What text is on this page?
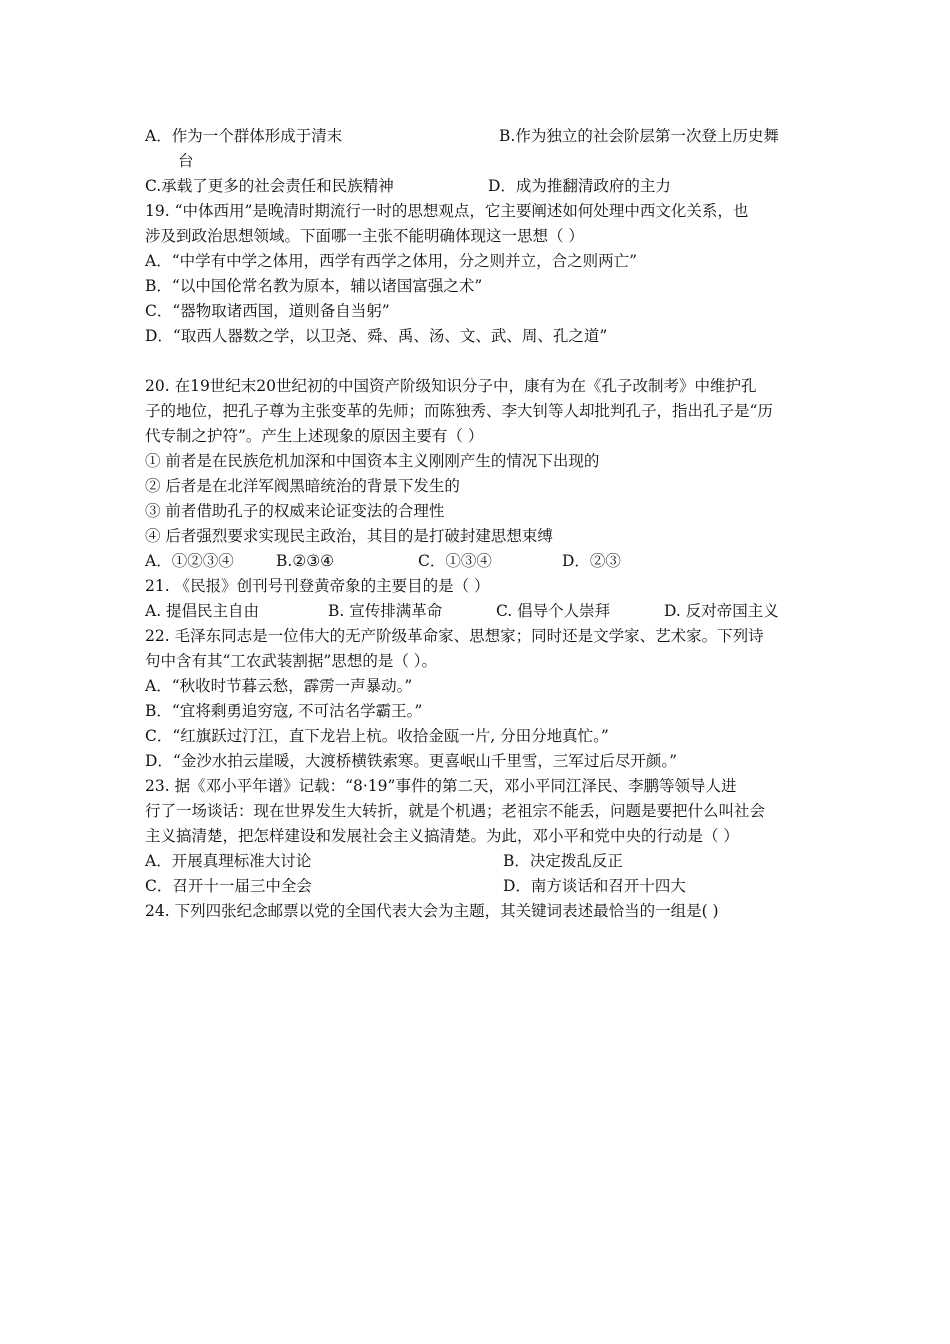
A．作为一个群体形成于清末	B.作为独立的社会阶层第一次登上历史舞
台
C.承载了更多的社会责任和民族精神	D．成为推翻清政府的主力
19. “中体西用”是晚清时期流行一时的思想观点，它主要阐述如何处理中西文化关系，也
涉及到政治思想领域。下面哪一主张不能明确体现这一思想（ ）
A．“中学有中学之体用，西学有西学之体用，分之则并立，合之则两亡”
B．“以中国伦常名教为原本，辅以诸国富强之术”
C．“器物取诸西国，道则备自当躬”
D．“取西人器数之学，以卫尧、舜、禹、汤、文、武、周、孔之道”
20. 在19世纪末20世纪初的中国资产阶级知识分子中，康有为在《孔子改制考》中维护孔
子的地位，把孔子尊为主张变革的先师；而陈独秀、李大钊等人却批判孔子，指出孔子是“历
代专制之护符”。产生上述现象的原因主要有（ ）
① 前者是在民族危机加深和中国资本主义刚刚产生的情况下出现的
② 后者是在北洋军阀黑暗统治的背景下发生的
③ 前者借助孔子的权威来论证变法的合理性
④ 后者强烈要求实现民主政治，其目的是打破封建思想束缚
A．①②③④	B.②③④	C．①③④	D．②③
21. 《民报》创刊号刊登黄帝象的主要目的是（ ）
A. 提倡民主自由	B. 宣传排满革命	C. 倡导个人崇拜	D. 反对帝国主义
22. 毛泽东同志是一位伟大的无产阶级革命家、思想家；同时还是文学家、艺术家。下列诗
句中含有其“工农武装割据”思想的是（ ）。
A．“秋收时节暮云愁，霹雳一声暴动。”
B．“宜将剩勇追穷寇, 不可沽名学霸王。”
C．“红旗跃过汀江，直下龙岩上杭。收拾金瓯一片, 分田分地真忙。”
D．“金沙水拍云崖暖，大渡桥横铁索寒。更喜岷山千里雪，三军过后尽开颜。”
23. 据《邓小平年谱》记载：“8·19”事件的第二天，邓小平同江泽民、李鹏等领导人进
行了一场谈话：现在世界发生大转折，就是个机遇；老祖宗不能丢，问题是要把什么叫社会
主义搞清楚，把怎样建设和发展社会主义搞清楚。为此，邓小平和党中央的行动是（ ）
A．开展真理标准大讨论	B．决定拨乱反正
C．召开十一届三中全会	D．南方谈话和召开十四大
24. 下列四张纪念邮票以党的全国代表大会为主题，其关键词表述最恰当的一组是( )
